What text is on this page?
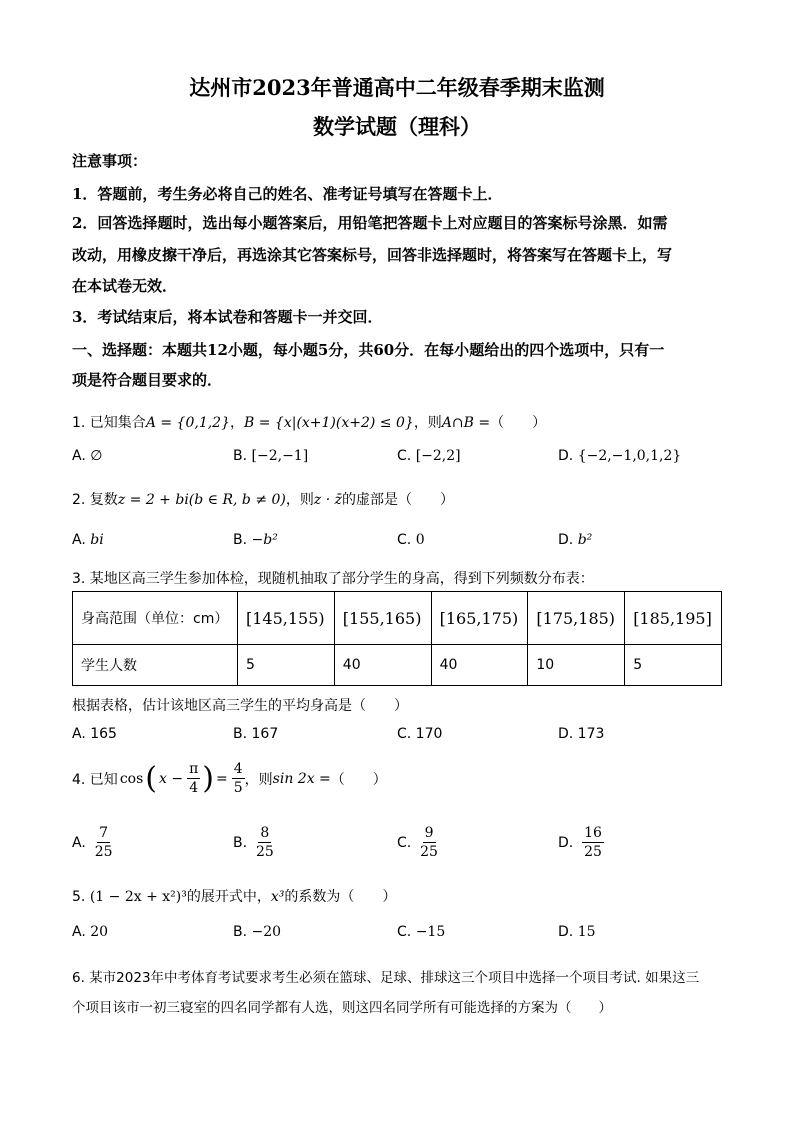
达州市2023年普通高中二年级春季期末监测
数学试题（理科）
注意事项：
1．答题前，考生务必将自己的姓名、准考证号填写在答题卡上．
2．回答选择题时，选出每小题答案后，用铅笔把答题卡上对应题目的答案标号涂黑．如需
改动，用橡皮擦干净后，再选涂其它答案标号，回答非选择题时，将答案写在答题卡上，写
在本试卷无效．
3．考试结束后，将本试卷和答题卡一并交回．
一、选择题：本题共12小题，每小题5分，共60分．在每小题给出的四个选项中，只有一
项是符合题目要求的．
1. 已知集合A = {0,1,2}，B = {x|(x+1)(x+2) ≤ 0}，则A∩B =（　　）
A. ∅	B. [−2,−1]	C. [−2,2]	D. {−2,−1,0,1,2}
2. 复数z = 2 + bi(b ∈ R, b ≠ 0)，则z · z̄的虚部是（　　）
A. bi	B. −b²	C. 0	D. b²
3. 某地区高三学生参加体检，现随机抽取了部分学生的身高，得到下列频数分布表：
身高范围（单位：cm）	[145,155)	[155,165)	[165,175)	[175,185)	[185,195]
学生人数	5	40	40	10	5
根据表格，估计该地区高三学生的平均身高是（　　）
A. 165	B. 167	C. 170	D. 173
4. 已知 cos ( $x - \frac{\pi}{4}$ ) = $\frac{4}{5}$ ，则 sin 2x = （　　）
A.
$\frac{7}{25}$	B.
$\frac{8}{25}$	C.
$\frac{9}{25}$	D.
$\frac{16}{25}$
5. (1 − 2x + x²)³的展开式中，x³的系数为（　　）
A. 20	B. −20	C. −15	D. 15
6. 某市2023年中考体育考试要求考生必须在篮球、足球、排球这三个项目中选择一个项目考试. 如果这三
个项目该市一初三寝室的四名同学都有人选，则这四名同学所有可能选择的方案为（　　）
